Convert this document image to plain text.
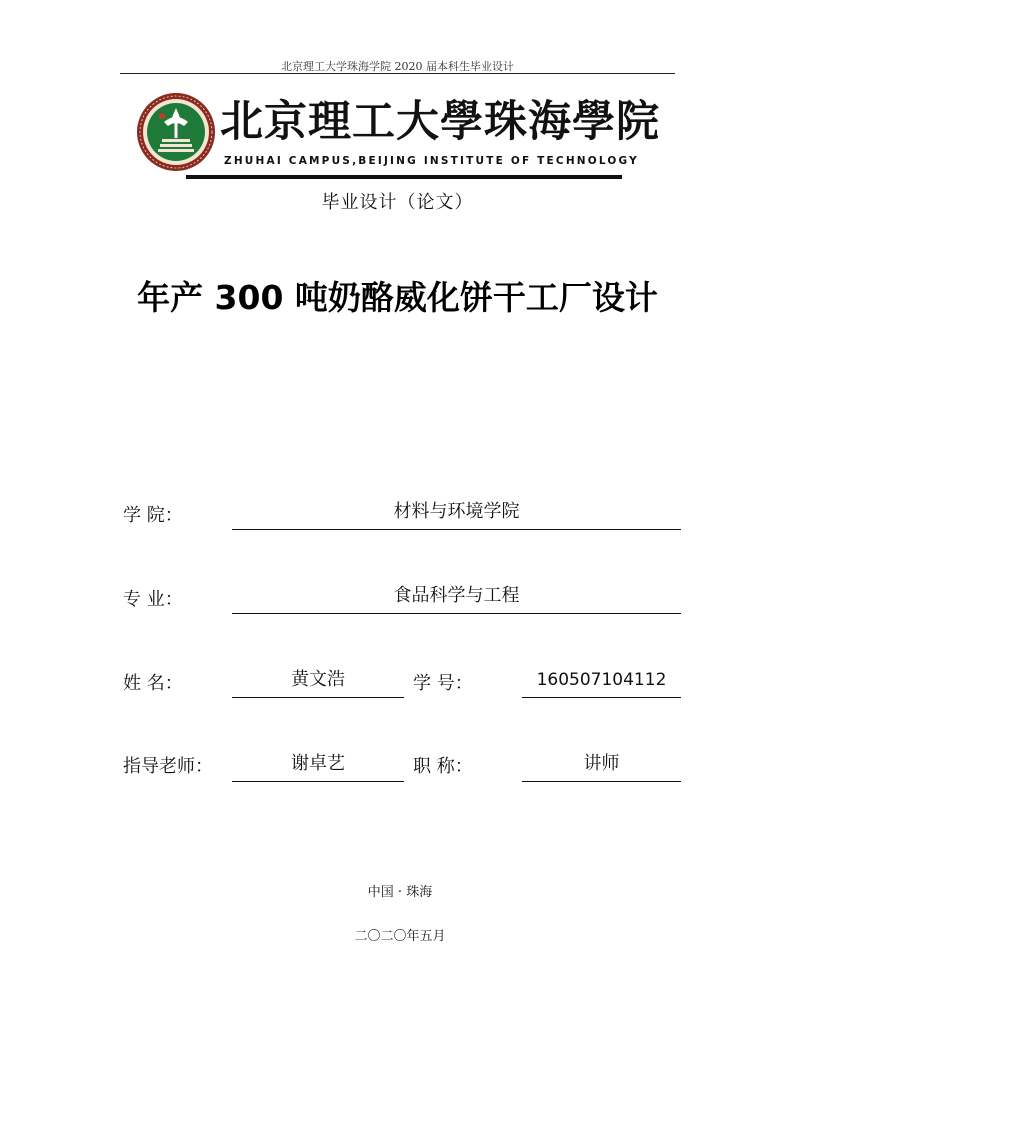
北京理工大学珠海学院 2020 届本科生毕业设计
北京理工大學珠海學院
ZHUHAI CAMPUS,BEIJING INSTITUTE OF TECHNOLOGY
毕业设计（论文）
年产 300 吨奶酪威化饼干工厂设计
学 院：	材料与环境学院
专 业：	食品科学与工程
姓 名：	黄文浩	学 号：	160507104112
指导老师：	谢卓艺	职 称：	讲师
中国 · 珠海
二〇二〇年五月
